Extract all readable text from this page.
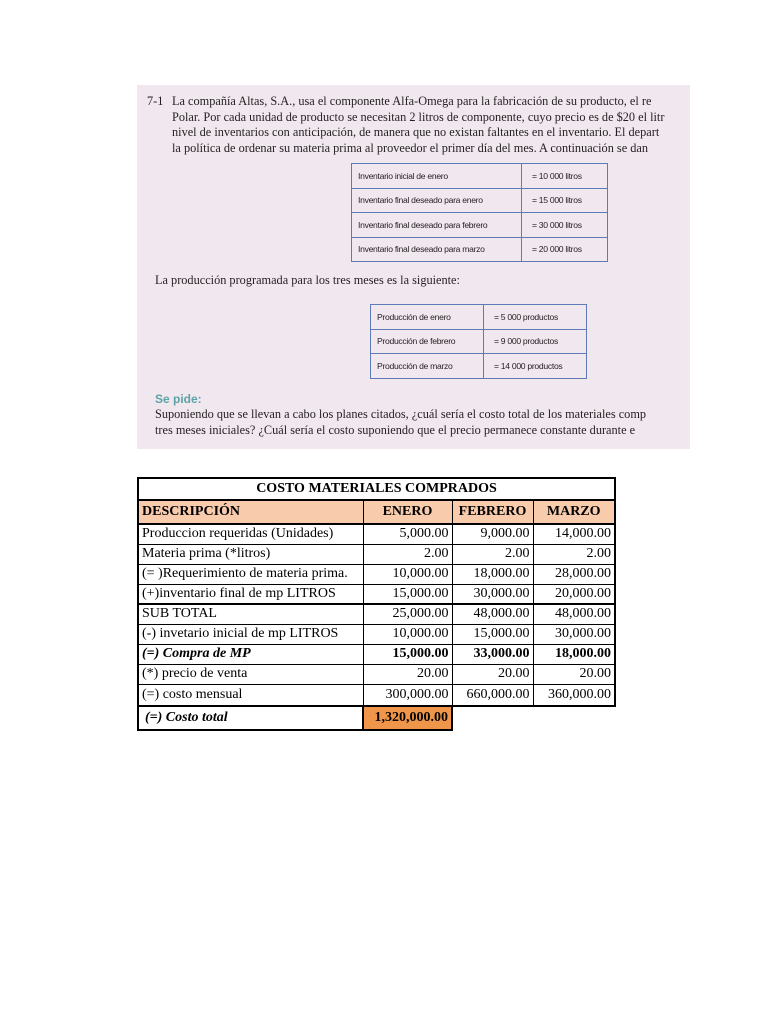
7-1 La compañía Altas, S.A., usa el componente Alfa-Omega para la fabricación de su producto, el re
Polar. Por cada unidad de producto se necesitan 2 litros de componente, cuyo precio es de $20 el litr
nivel de inventarios con anticipación, de manera que no existan faltantes en el inventario. El depart
la política de ordenar su materia prima al proveedor el primer día del mes. A continuación se dan
Inventario inicial de enero	= 10 000 litros
Inventario final deseado para enero	= 15 000 litros
Inventario final deseado para febrero	= 30 000 litros
Inventario final deseado para marzo	= 20 000 litros
La producción programada para los tres meses es la siguiente:
Producción de enero	= 5 000 productos
Producción de febrero	= 9 000 productos
Producción de marzo	= 14 000 productos
Se pide:
Suponiendo que se llevan a cabo los planes citados, ¿cuál sería el costo total de los materiales comp
tres meses iniciales? ¿Cuál sería el costo suponiendo que el precio permanece constante durante e
COSTO MATERIALES COMPRADOS			
DESCRIPCIÓN	ENERO	FEBRERO	MARZO
Produccion requeridas (Unidades)	5,000.00	9,000.00	14,000.00
Materia prima (*litros)	2.00	2.00	2.00
(= )Requerimiento de materia prima.	10,000.00	18,000.00	28,000.00
(+)inventario final de mp LITROS	15,000.00	30,000.00	20,000.00
SUB TOTAL	25,000.00	48,000.00	48,000.00
(-) invetario inicial de mp LITROS	10,000.00	15,000.00	30,000.00
(=) Compra de MP	15,000.00	33,000.00	18,000.00
(*) precio de venta	20.00	20.00	20.00
(=) costo mensual	300,000.00	660,000.00	360,000.00
(=) Costo total	1,320,000.00		
